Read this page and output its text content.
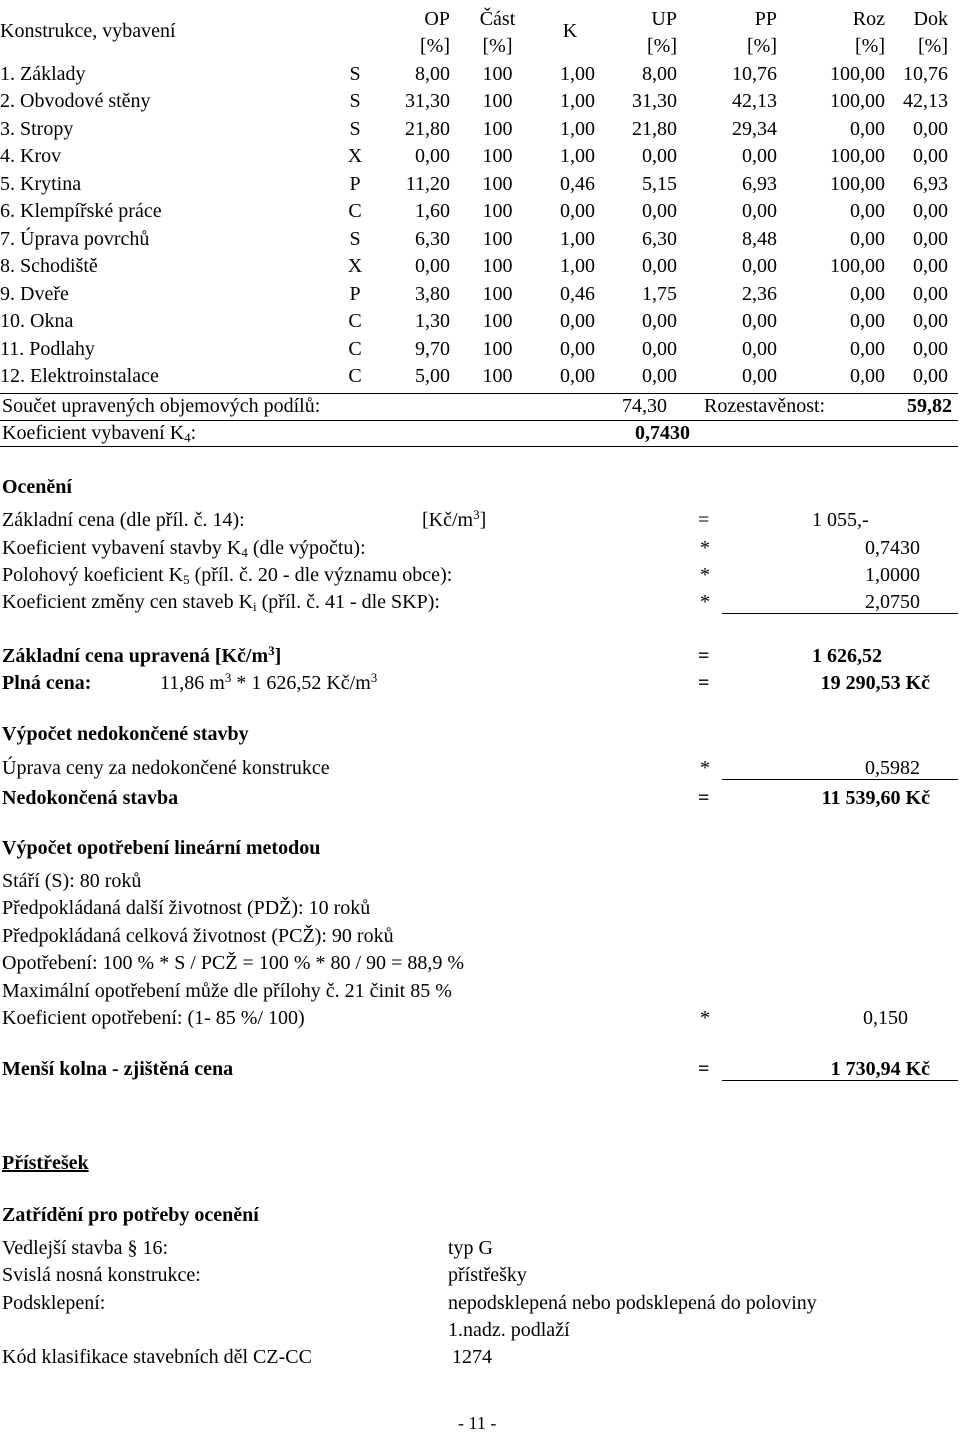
Konstrukce, vybavení		OP	Část	K	UP	PP	Roz	Dok
		[%]	[%]		[%]	[%]	[%]	[%]
1. Základy	S	8,00	100	1,00	8,00	10,76	100,00	10,76
2. Obvodové stěny	S	31,30	100	1,00	31,30	42,13	100,00	42,13
3. Stropy	S	21,80	100	1,00	21,80	29,34	0,00	0,00
4. Krov	X	0,00	100	1,00	0,00	0,00	100,00	0,00
5. Krytina	P	11,20	100	0,46	5,15	6,93	100,00	6,93
6. Klempířské práce	C	1,60	100	0,00	0,00	0,00	0,00	0,00
7. Úprava povrchů	S	6,30	100	1,00	6,30	8,48	0,00	0,00
8. Schodiště	X	0,00	100	1,00	0,00	0,00	100,00	0,00
9. Dveře	P	3,80	100	0,46	1,75	2,36	0,00	0,00
10. Okna	C	1,30	100	0,00	0,00	0,00	0,00	0,00
11. Podlahy	C	9,70	100	0,00	0,00	0,00	0,00	0,00
12. Elektroinstalace	C	5,00	100	0,00	0,00	0,00	0,00	0,00
Součet upravených objemových podílů:	74,30 Rozestavěnost:	59,82
Koeficient vybavení $K_4$:	0,7430
Ocenění
Základní cena (dle příl. č. 14):	$[Kč/m^3]$	=	1 055,-
Koeficient vybavení stavby $K_4$ (dle výpočtu):	*	0,7430
Polohový koeficient $K_5$ (příl. č. 20 - dle významu obce):	*	1,0000
Koeficient změny cen staveb $K_i$ (příl. č. 41 - dle SKP):	*	2,0750
Základní cena upravená $[Kč/m^3]$	=	1 626,52
Plná cena:	11,86 $m^3 * 1$ 626,52 $Kč/m^3$	=	19 290,53 Kč
Výpočet nedokončené stavby
Úprava ceny za nedokončené konstrukce	*	0,5982
Nedokončená stavba	=	11 539,60 Kč
Výpočet opotřebení lineární metodou
Stáří (S): 80 roků
Předpokládaná další životnost (PDŽ): 10 roků
Předpokládaná celková životnost (PCŽ): 90 roků
Opotřebení: 100 % * S / PCŽ = 100 % * 80 / 90 = 88,9 %
Maximální opotřebení může dle přílohy č. 21 činit 85 %
Koeficient opotřebení: (1- 85 %/ 100)	*	0,150
Menší kolna - zjištěná cena	=	1 730,94 Kč
Přístřešek
Zatřídění pro potřeby ocenění
Vedlejší stavba § 16:	typ G
Svislá nosná konstrukce:	přístřešky
Podsklepení:	nepodsklepená nebo podsklepená do poloviny
1.nadz. podlaží
Kód klasifikace stavebních děl CZ-CC	1274
- 11 -
